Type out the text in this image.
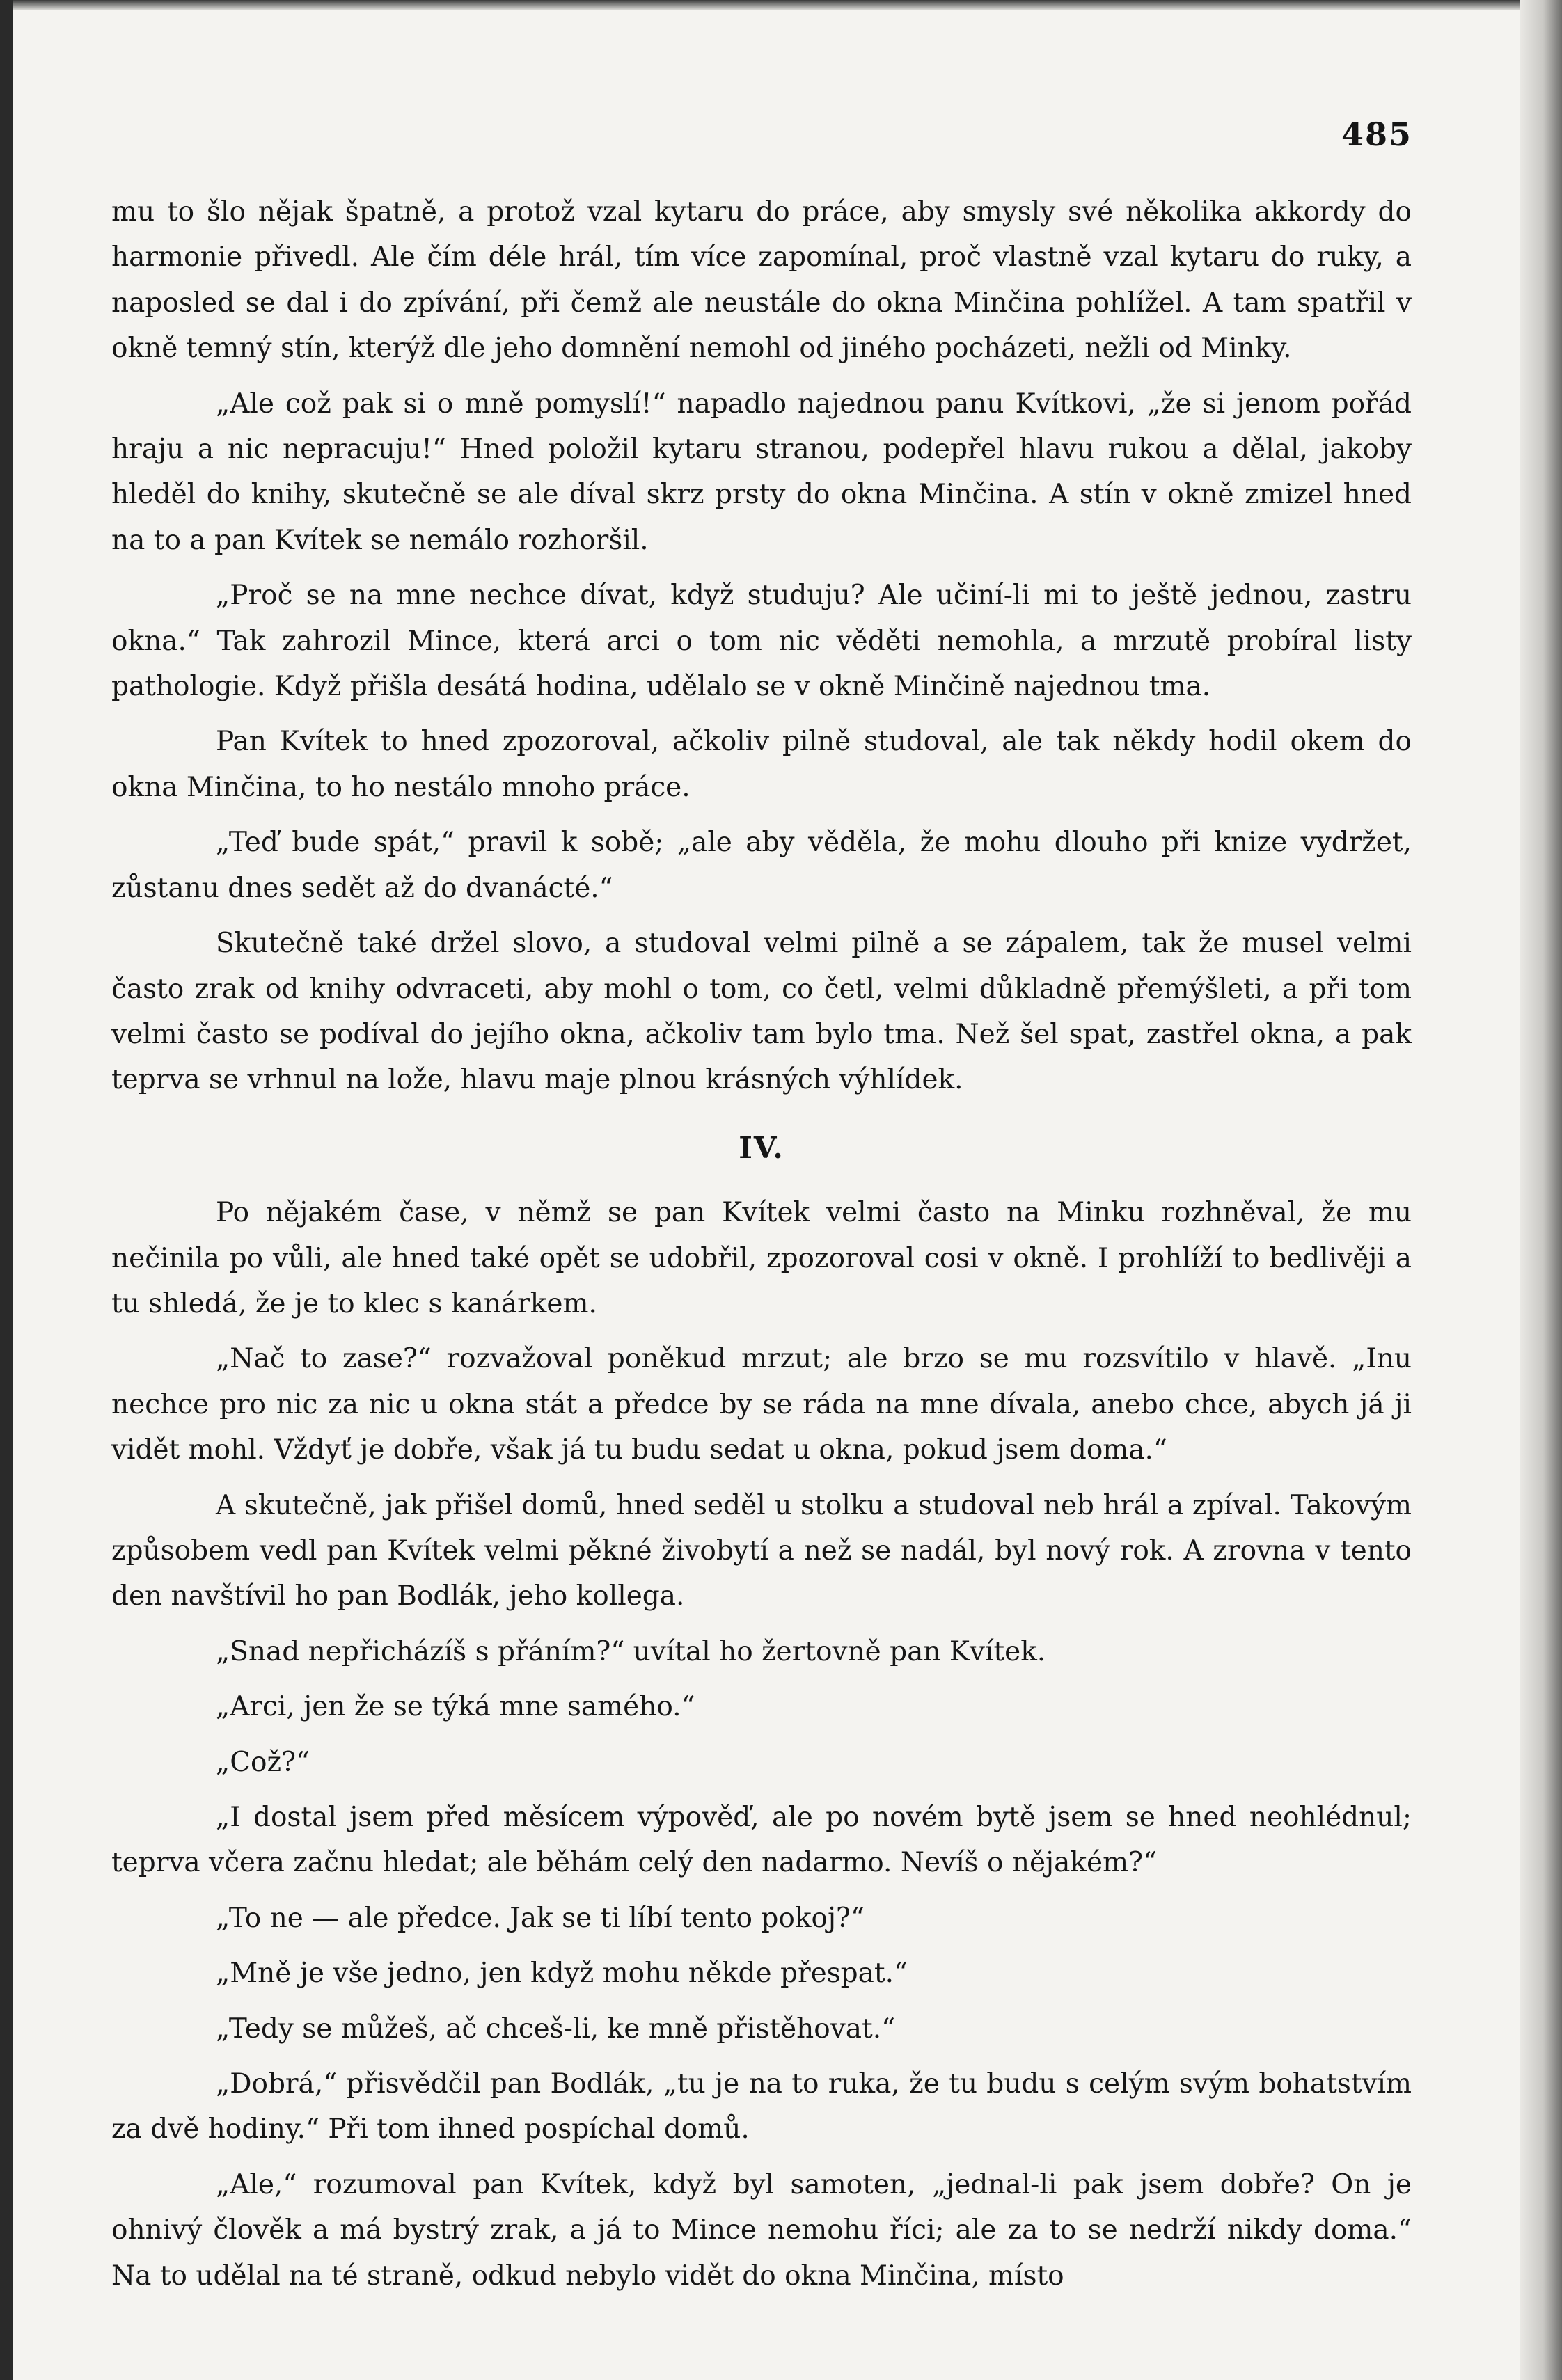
485

mu to šlo nějak špatně, a protož vzal kytaru do práce, aby smysly své několika akkordy do harmonie přivedl. Ale čím déle hrál, tím více zapomínal, proč vlastně vzal kytaru do ruky, a naposled se dal i do zpívání, při čemž ale neustále do okna Minčina pohlížel. A tam spatřil v okně temný stín, kterýž dle jeho domnění nemohl od jiného pocházeti, nežli od Minky.

„Ale což pak si o mně pomyslí!“ napadlo najednou panu Kvítkovi, „že si jenom pořád hraju a nic nepracuju!“ Hned položil kytaru stranou, podepřel hlavu rukou a dělal, jakoby hleděl do knihy, skutečně se ale díval skrz prsty do okna Minčina. A stín v okně zmizel hned na to a pan Kvítek se nemálo rozhoršil.

„Proč se na mne nechce dívat, když studuju? Ale učiní-li mi to ještě jednou, zastru okna.“ Tak zahrozil Mince, která arci o tom nic věděti nemohla, a mrzutě probíral listy pathologie. Když přišla desátá hodina, udělalo se v okně Minčině najednou tma.

Pan Kvítek to hned zpozoroval, ačkoliv pilně studoval, ale tak někdy hodil okem do okna Minčina, to ho nestálo mnoho práce.

„Teď bude spát,“ pravil k sobě; „ale aby věděla, že mohu dlouho při knize vydržet, zůstanu dnes sedět až do dvanácté.“

Skutečně také držel slovo, a studoval velmi pilně a se zápalem, tak že musel velmi často zrak od knihy odvraceti, aby mohl o tom, co četl, velmi důkladně přemýšleti, a při tom velmi často se podíval do jejího okna, ačkoliv tam bylo tma. Než šel spat, zastřel okna, a pak teprva se vrhnul na lože, hlavu maje plnou krásných výhlídek.

IV.

Po nějakém čase, v němž se pan Kvítek velmi často na Minku rozhněval, že mu nečinila po vůli, ale hned také opět se udobřil, zpozoroval cosi v okně. I prohlíží to bedlivěji a tu shledá, že je to klec s kanárkem.

„Nač to zase?“ rozvažoval poněkud mrzut; ale brzo se mu rozsvítilo v hlavě. „Inu nechce pro nic za nic u okna stát a předce by se ráda na mne dívala, anebo chce, abych já ji vidět mohl. Vždyť je dobře, však já tu budu sedat u okna, pokud jsem doma.“

A skutečně, jak přišel domů, hned seděl u stolku a studoval neb hrál a zpíval. Takovým způsobem vedl pan Kvítek velmi pěkné živobytí a než se nadál, byl nový rok. A zrovna v tento den navštívil ho pan Bodlák, jeho kollega.

„Snad nepřicházíš s přáním?“ uvítal ho žertovně pan Kvítek.

„Arci, jen že se týká mne samého.“

„Což?“

„I dostal jsem před měsícem výpověď, ale po novém bytě jsem se hned neohlédnul; teprva včera začnu hledat; ale běhám celý den nadarmo. Nevíš o nějakém?“

„To ne — ale předce. Jak se ti líbí tento pokoj?“

„Mně je vše jedno, jen když mohu někde přespat.“

„Tedy se můžeš, ač chceš-li, ke mně přistěhovat.“

„Dobrá,“ přisvědčil pan Bodlák, „tu je na to ruka, že tu budu s celým svým bohatstvím za dvě hodiny.“ Při tom ihned pospíchal domů.

„Ale,“ rozumoval pan Kvítek, když byl samoten, „jednal-li pak jsem dobře? On je ohnivý člověk a má bystrý zrak, a já to Mince nemohu říci; ale za to se nedrží nikdy doma.“ Na to udělal na té straně, odkud nebylo vidět do okna Minčina, místo
